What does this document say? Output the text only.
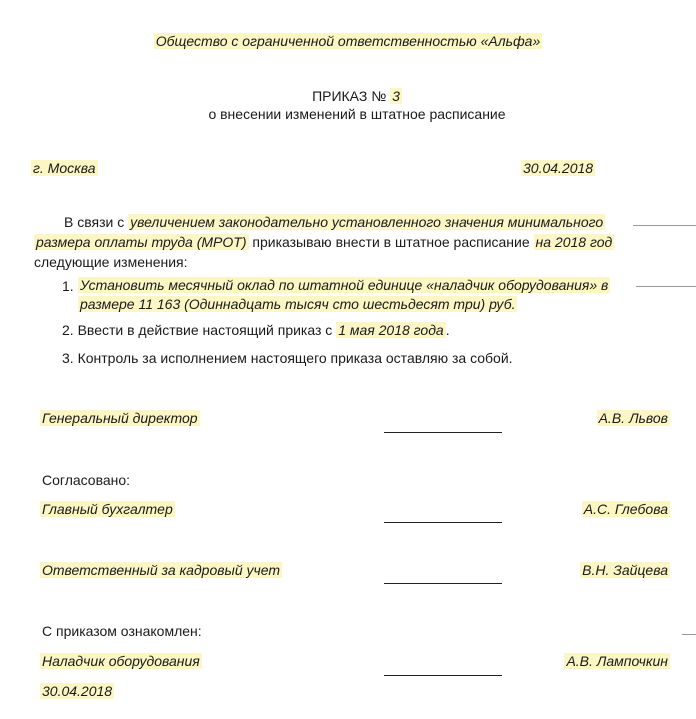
Общество с ограниченной ответственностью «Альфа»
ПРИКАЗ № 3
о внесении изменений в штатное расписание
г. Москва	30.04.2018
В связи с увеличением законодательно установленного значения минимального размера оплаты труда (МРОТ) приказываю внести в штатное расписание на 2018 год следующие изменения:
1. Установить месячный оклад по штатной единице «наладчик оборудования» в размере 11 163 (Одиннадцать тысяч сто шестьдесят три) руб.
2. Ввести в действие настоящий приказ с 1 мая 2018 года .
3. Контроль за исполнением настоящего приказа оставляю за собой.
Генеральный директор	А.В. Львов
Согласовано:
Главный бухгалтер	А.С. Глебова
Ответственный за кадровый учет	В.Н. Зайцева
С приказом ознакомлен:
Наладчик оборудования	А.В. Лампочкин
30.04.2018
